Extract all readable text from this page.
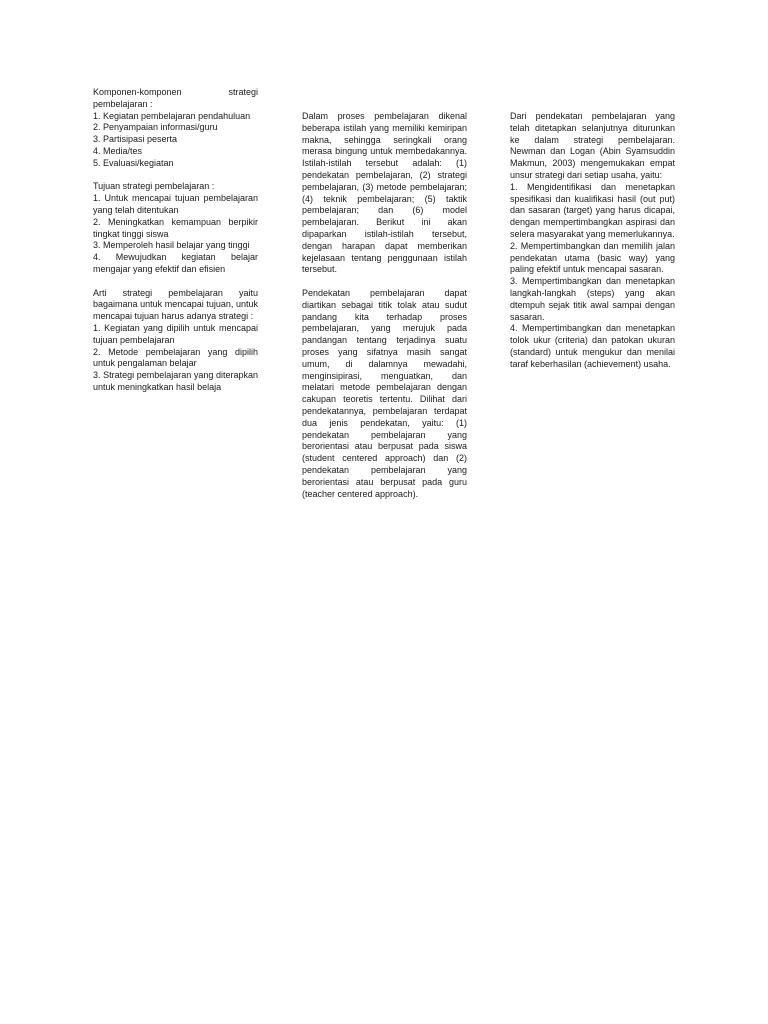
Komponen-komponen strategi pembelajaran :

1. Kegiatan pembelajaran pendahuluan

2. Penyampaian informasi/guru

3. Partisipasi peserta

4. Media/tes

5. Evaluasi/kegiatan

Tujuan strategi pembelajaran :

1. Untuk mencapai tujuan pembelajaran yang telah ditentukan

2. Meningkatkan kemampuan berpikir tingkat tinggi siswa

3. Memperoleh hasil belajar yang tinggi

4. Mewujudkan kegiatan belajar mengajar yang efektif dan efisien

Arti strategi pembelajaran yaitu bagaimana untuk mencapai tujuan, untuk mencapai tujuan harus adanya strategi :

1. Kegiatan yang dipilih untuk mencapai tujuan pembelajaran

2. Metode pembelajaran yang dipilih untuk pengalaman belajar

3. Strategi pembelajaran yang diterapkan untuk meningkatkan hasil belaja

Dalam proses pembelajaran dikenal beberapa istilah yang memiliki kemiripan makna, sehingga seringkali orang merasa bingung untuk membedakannya. Istilah-istilah tersebut adalah: (1) pendekatan pembelajaran, (2) strategi pembelajaran, (3) metode pembelajaran; (4) teknik pembelajaran; (5) taktik pembelajaran; dan (6) model pembelajaran. Berikut ini akan dipaparkan istilah-istilah tersebut, dengan harapan dapat memberikan kejelasaan tentang penggunaan istilah tersebut.

Pendekatan pembelajaran dapat diartikan sebagai titik tolak atau sudut pandang kita terhadap proses pembelajaran, yang merujuk pada pandangan tentang terjadinya suatu proses yang sifatnya masih sangat umum, di dalamnya mewadahi, menginsipirasi, menguatkan, dan melatari metode pembelajaran dengan cakupan teoretis tertentu. Dilihat dari pendekatannya, pembelajaran terdapat dua jenis pendekatan, yaitu: (1) pendekatan pembelajaran yang berorientasi atau berpusat pada siswa (student centered approach) dan (2) pendekatan pembelajaran yang berorientasi atau berpusat pada guru (teacher centered approach).

Dari pendekatan pembelajaran yang telah ditetapkan selanjutnya diturunkan ke dalam strategi pembelajaran. Newman dan Logan (Abin Syamsuddin Makmun, 2003) mengemukakan empat unsur strategi dari setiap usaha, yaitu:

1. Mengidentifikasi dan menetapkan spesifikasi dan kualifikasi hasil (out put) dan sasaran (target) yang harus dicapai, dengan mempertimbangkan aspirasi dan selera masyarakat yang memerlukannya.

2. Mempertimbangkan dan memilih jalan pendekatan utama (basic way) yang paling efektif untuk mencapai sasaran.

3. Mempertimbangkan dan menetapkan langkah-langkah (steps) yang akan dtempuh sejak titik awal sampai dengan sasaran.

4. Mempertimbangkan dan menetapkan tolok ukur (criteria) dan patokan ukuran (standard) untuk mengukur dan menilai taraf keberhasilan (achievement) usaha.
